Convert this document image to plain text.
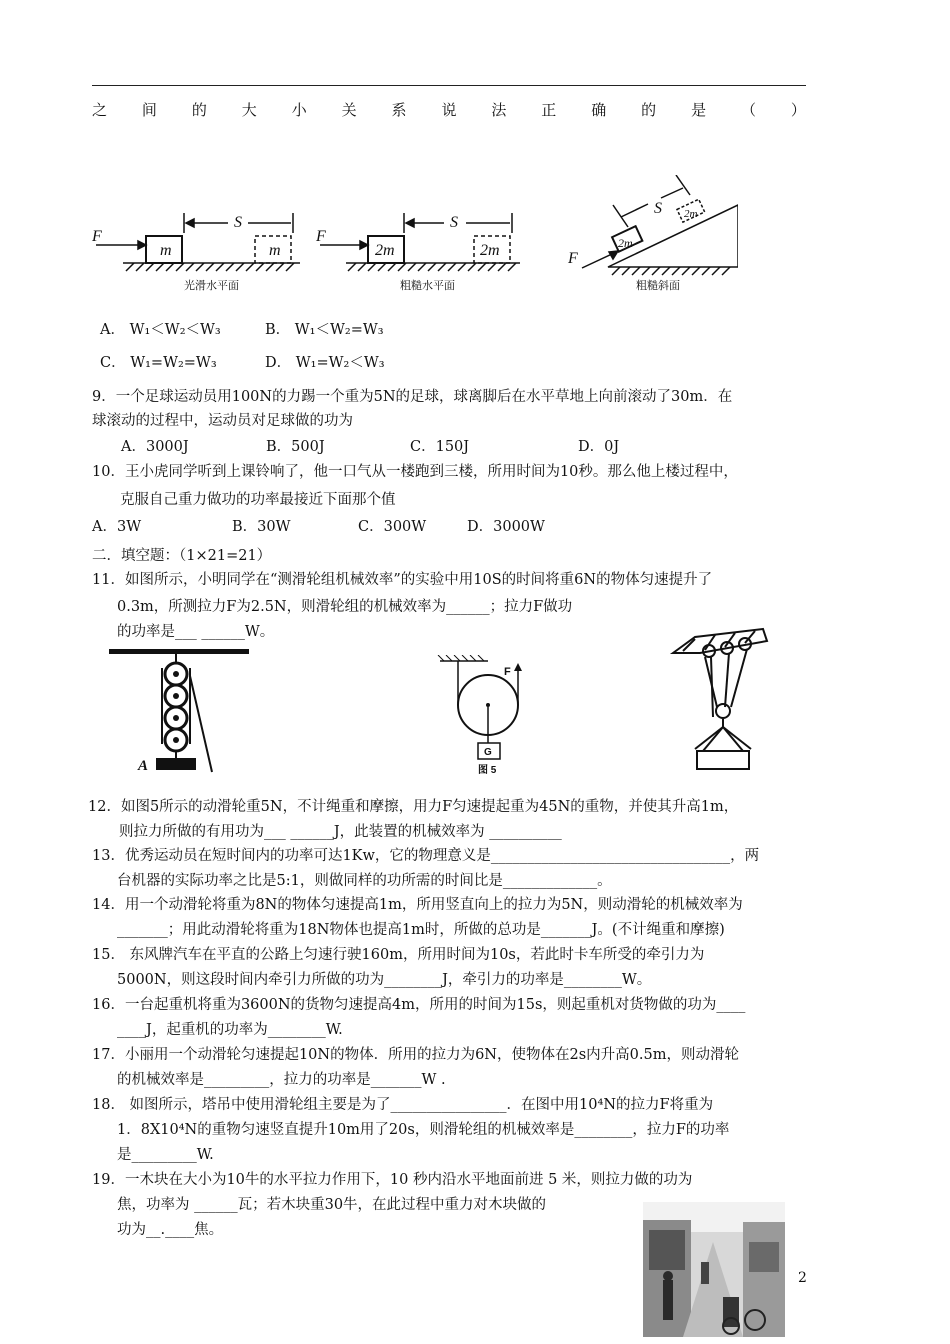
之 间 的 大 小 关 系 说 法 正 确 的 是 （ ）
F
m	m
S
F
2m	2m
S
F
S
2m
2m
光滑水平面	粗糙水平面	粗糙斜面
A． W₁＜W₂＜W₃	B． W₁＜W₂=W₃
C． W₁=W₂=W₃	D． W₁=W₂＜W₃
9．一个足球运动员用100N的力踢一个重为5N的足球，球离脚后在水平草地上向前滚动了30m．在
球滚动的过程中，运动员对足球做的功为
A．3000J	B．500J	C．150J	D．0J
10．王小虎同学听到上课铃响了，他一口气从一楼跑到三楼，所用时间为10秒。那么他上楼过程中，
克服自己重力做功的功率最接近下面那个值
A．3W	B．30W	C．300W	D．3000W
二．填空题：（1×21=21）
11．如图所示，小明同学在“测滑轮组机械效率”的实验中用10S的时间将重6N的物体匀速提升了
0.3m，所测拉力F为2.5N，则滑轮组的机械效率为______；拉力F做功
的功率是___ ______W。
A
F
G
图 5
12．如图5所示的动滑轮重5N，不计绳重和摩擦，用力F匀速提起重为45N的重物，并使其升高1m，
则拉力所做的有用功为___ ______J，此装置的机械效率为 __________
13．优秀运动员在短时间内的功率可达1Kw，它的物理意义是_________________________________，两
台机器的实际功率之比是5:1，则做同样的功所需的时间比是_____________。
14．用一个动滑轮将重为8N的物体匀速提高1m，所用竖直向上的拉力为5N，则动滑轮的机械效率为
_______；用此动滑轮将重为18N物体也提高1m时，所做的总功是_______J。(不计绳重和摩擦)
15． 东风牌汽车在平直的公路上匀速行驶160m，所用时间为10s，若此时卡车所受的牵引力为
5000N，则这段时间内牵引力所做的功为________J，牵引力的功率是________W。
16．一台起重机将重为3600N的货物匀速提高4m，所用的时间为15s，则起重机对货物做的功为____
____J，起重机的功率为________W.
17．小丽用一个动滑轮匀速提起10N的物体．所用的拉力为6N，使物体在2s内升高0.5m，则动滑轮
的机械效率是_________，拉力的功率是_______W .
18． 如图所示，塔吊中使用滑轮组主要是为了________________．在图中用10⁴N的拉力F将重为
1．8X10⁴N的重物匀速竖直提升10m用了20s，则滑轮组的机械效率是________，拉力F的功率
是_________W.
19．一木块在大小为10牛的水平拉力作用下，10 秒内沿水平地面前进 5 米，则拉力做的功为
焦，功率为 ______瓦；若木块重30牛，在此过程中重力对木块做的
功为__.____焦。
2
